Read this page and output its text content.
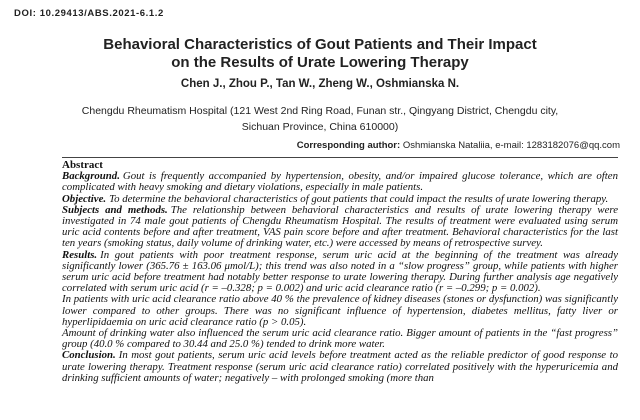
DOI: 10.29413/ABS.2021-6.1.2
Behavioral Characteristics of Gout Patients and Their Impact
on the Results of Urate Lowering Therapy
Chen J., Zhou P., Tan W., Zheng W., Oshmianska N.
Chengdu Rheumatism Hospital (121 West 2nd Ring Road, Funan str., Qingyang District, Chengdu city,
Sichuan Province, China 610000)
Corresponding author: Oshmianska Nataliia, e-mail: 1283182076@qq.com
Abstract

Background. Gout is frequently accompanied by hypertension, obesity, and/or impaired glucose tolerance, which are often complicated with heavy smoking and dietary violations, especially in male patients.

Objective. To determine the behavioral characteristics of gout patients that could impact the results of urate lowering therapy.

Subjects and methods. The relationship between behavioral characteristics and results of urate lowering therapy were investigated in 74 male gout patients of Chengdu Rheumatism Hospital. The results of treatment were evaluated using serum uric acid contents before and after treatment, VAS pain score before and after treatment. Behavioral characteristics for the last ten years (smoking status, daily volume of drinking water, etc.) were accessed by means of retrospective survey.

Results. In gout patients with poor treatment response, serum uric acid at the beginning of the treatment was already significantly lower (365.76 ± 163.06 μmol/L); this trend was also noted in a “slow progress” group, while patients with higher serum uric acid before treatment had notably better response to urate lowering therapy. During further analysis age negatively correlated with serum uric acid (r = –0.328; p = 0.002) and uric acid clearance ratio (r = –0.299; p = 0.002).

In patients with uric acid clearance ratio above 40 % the prevalence of kidney diseases (stones or dysfunction) was significantly lower compared to other groups. There was no significant influence of hypertension, diabetes mellitus, fatty liver or hyperlipidaemia on uric acid clearance ratio (p > 0.05).

Amount of drinking water also influenced the serum uric acid clearance ratio. Bigger amount of patients in the “fast progress” group (40.0 % compared to 30.44 and 25.0 %) tended to drink more water.

Conclusion. In most gout patients, serum uric acid levels before treatment acted as the reliable predictor of good response to urate lowering therapy. Treatment response (serum uric acid clearance ratio) correlated positively with the hyperuricemia and drinking sufficient amounts of water; negatively – with prolonged smoking (more than
